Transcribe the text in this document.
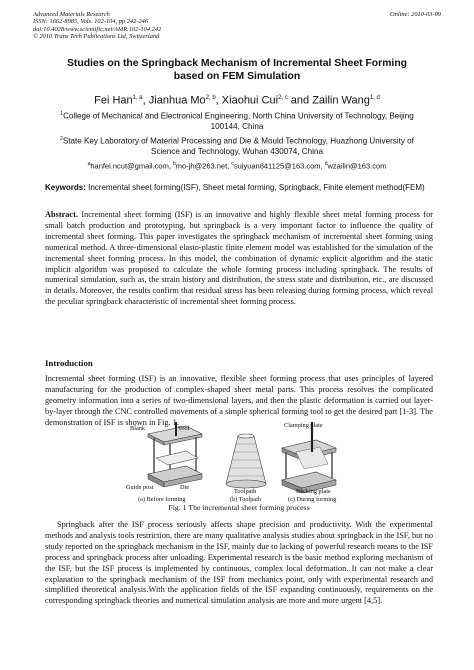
Advanced Materials Research
ISSN: 1662-8985, Vols. 102-104, pp 242-246
doi:10.4028/www.scientific.net/AMR.102-104.242
© 2010 Trans Tech Publications Ltd, Switzerland
Online: 2010-03-09
Studies on the Springback Mechanism of Incremental Sheet Forming
based on FEM Simulation
Fei Han$^{1, a}$, Jianhua Mo$^{2, b}$, Xiaohui Cui$^{2, c}$ and Zailin Wang$^{1, d}$
$^1$College of Mechanical and Electronical Engineering, North China University of Technology, Beijing
100144, China
$^2$State Key Laboratory of Material Processing and Die & Mould Technology, Huazhong University of
Science and Technology, Wuhan 430074, China
$^a$hanfei.ncut@gmail.com, $^b$mo-jh@263.net, $^c$suiyuan841125@163.com, $^d$wzailin@163.com
Keywords: Incremental sheet forming(ISF), Sheet metal forming, Springback, Finite element method(FEM)
Abstract. Incremental sheet forming (ISF) is an innovative and highly flexible sheet metal forming process for small batch production and prototyping, but springback is a very important factor to influence the quality of incremental sheet forming. This paper investigates the springback mechanism of incremental sheet forming using numerical method. A three-dimensional elasto-plastic finite element model was established for the simulation of the incremental sheet forming process. In this model, the combination of dynamic explicit algorithm and the static implicit algorithm was proposed to calculate the whole forming process including springback. The results of numerical simulation, such as, the strain history and distribution, the stress state and distribution, etc., are discussed in details. Moreover, the results confirm that residual stress has been releasing during forming process, which reveal the peculiar springback characteristic of incremental sheet forming process.
Introduction
Incremental sheet forming (ISF) is an innovative, flexible sheet forming process that uses principles of layered manufacturing for the production of complex-shaped sheet metal parts. This process resolves the complicated geometry information into a series of two-dimensional layers, and then the plastic deformation is carried out layer-by-layer through the CNC controlled movements of a simple spherical forming tool to get the desired part [1-3]. The demonstration of ISF is shown in Fig. 1.
Blank	Tool
Guide post	Die
Toolpath
Clamping plate
Backing plate
(a) Before forming	(b) Toolpath	(c) During forming
Fig. 1 The incremental sheet forming process
Springback after the ISF process seriously affects shape precision and productivity. With the experimental methods and analysis tools restriction, there are many qualitative analysis studies about springback in the ISF, but no study reported on the springback mechanism in the ISF, mainly due to lacking of powerful research means to the ISF process and springback process after unloading. Experimental research is the basic method exploring mechanism of the ISF, but the ISF process is implemented by continuous, complex local deformation. It can not make a clear explanation to the springback mechanism of the ISF from mechanics point, only with experimental research and simplified theoretical analysis.With the application fields of the ISF expanding continuously, requirements on the corresponding springback theories and numerical simulation analysis are more and more urgent [4,5].
